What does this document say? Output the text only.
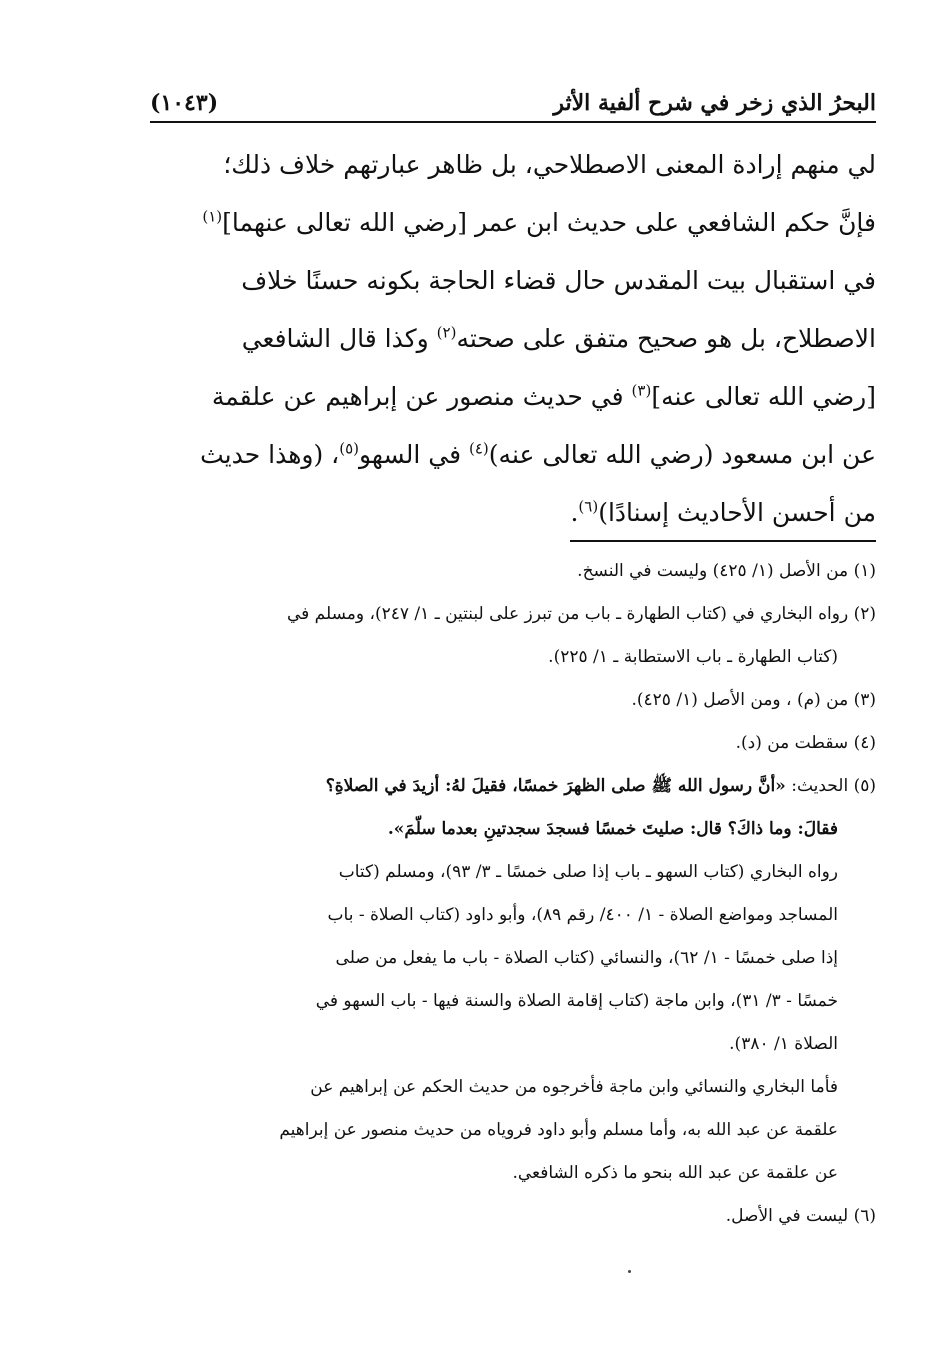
البحرُ الذي زخر في شرح ألفية الأثر
(١٠٤٣)

لي منهم إرادة المعنى الاصطلاحي، بل ظاهر عبارتهم خلاف ذلك؛

فإنَّ حكم الشافعي على حديث ابن عمر [رضي الله تعالى عنهما]$^{(١)}$

في استقبال بيت المقدس حال قضاء الحاجة بكونه حسنًا خلاف

الاصطلاح، بل هو صحيح متفق على صحته$^{(٢)}$ وكذا قال الشافعي

[رضي الله تعالى عنه]$^{(٣)}$ في حديث منصور عن إبراهيم عن علقمة

عن ابن مسعود (رضي الله تعالى عنه)$^{(٤)}$ في السهو$^{(٥)}$، (وهذا حديث

من أحسن الأحاديث إسنادًا)$^{(٦)}$.

(١) من الأصل (١/ ٤٢٥) وليست في النسخ.

(٢) رواه البخاري في (كتاب الطهارة ـ باب من تبرز على لبنتين ـ ١/ ٢٤٧)، ومسلم في

(كتاب الطهارة ـ باب الاستطابة ـ ١/ ٢٢٥).

(٣) من (م) ، ومن الأصل (١/ ٤٢٥).

(٤) سقطت من (د).

(٥) الحديث: «أنَّ رسول الله ﷺ صلى الظهرَ خمسًا، فقيلَ لهُ: أزيدَ في الصلاةِ؟

فقالَ: وما ذاكَ؟ قال: صليتَ خمسًا فسجدَ سجدتينِ بعدما سلّمَ».

رواه البخاري (كتاب السهو ـ باب إذا صلى خمسًا ـ ٣/ ٩٣)، ومسلم (كتاب

المساجد ومواضع الصلاة - ١/ ٤٠٠/ رقم ٨٩)، وأبو داود (كتاب الصلاة - باب

إذا صلى خمسًا - ١/ ٦٢)، والنسائي (كتاب الصلاة - باب ما يفعل من صلى

خمسًا - ٣/ ٣١)، وابن ماجة (كتاب إقامة الصلاة والسنة فيها - باب السهو في

الصلاة ١/ ٣٨٠).

فأما البخاري والنسائي وابن ماجة فأخرجوه من حديث الحكم عن إبراهيم عن

علقمة عن عبد الله به، وأما مسلم وأبو داود فروياه من حديث منصور عن إبراهيم

عن علقمة عن عبد الله بنحو ما ذكره الشافعي.

(٦) ليست في الأصل.
